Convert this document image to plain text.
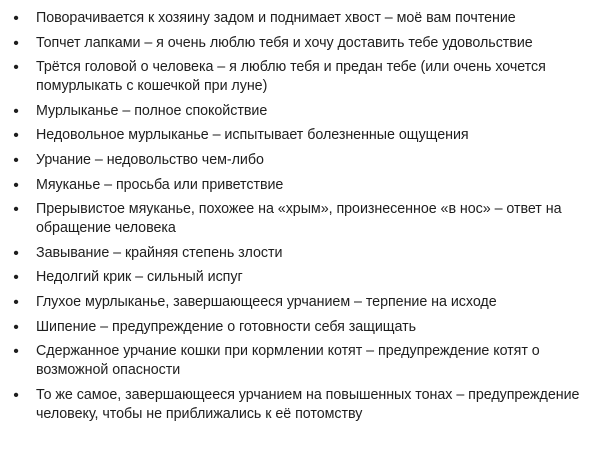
• Поворачивается к хозяину задом и поднимает хвост – моё вам почтение
• Топчет лапками – я очень люблю тебя и хочу доставить тебе удовольствие
• Трётся головой о человека – я люблю тебя и предан тебе (или очень хочется помурлыкать с кошечкой при луне)
• Мурлыканье – полное спокойствие
• Недовольное мурлыканье – испытывает болезненные ощущения
• Урчание – недовольство чем-либо
• Мяуканье – просьба или приветствие
• Прерывистое мяуканье, похожее на «хрым», произнесенное «в нос» – ответ на обращение человека
• Завывание – крайняя степень злости
• Недолгий крик – сильный испуг
• Глухое мурлыканье, завершающееся урчанием – терпение на исходе
• Шипение – предупреждение о готовности себя защищать
• Сдержанное урчание кошки при кормлении котят – предупреждение котят о возможной опасности
• То же самое, завершающееся урчанием на повышенных тонах – предупреждение человеку, чтобы не приближались к её потомству
